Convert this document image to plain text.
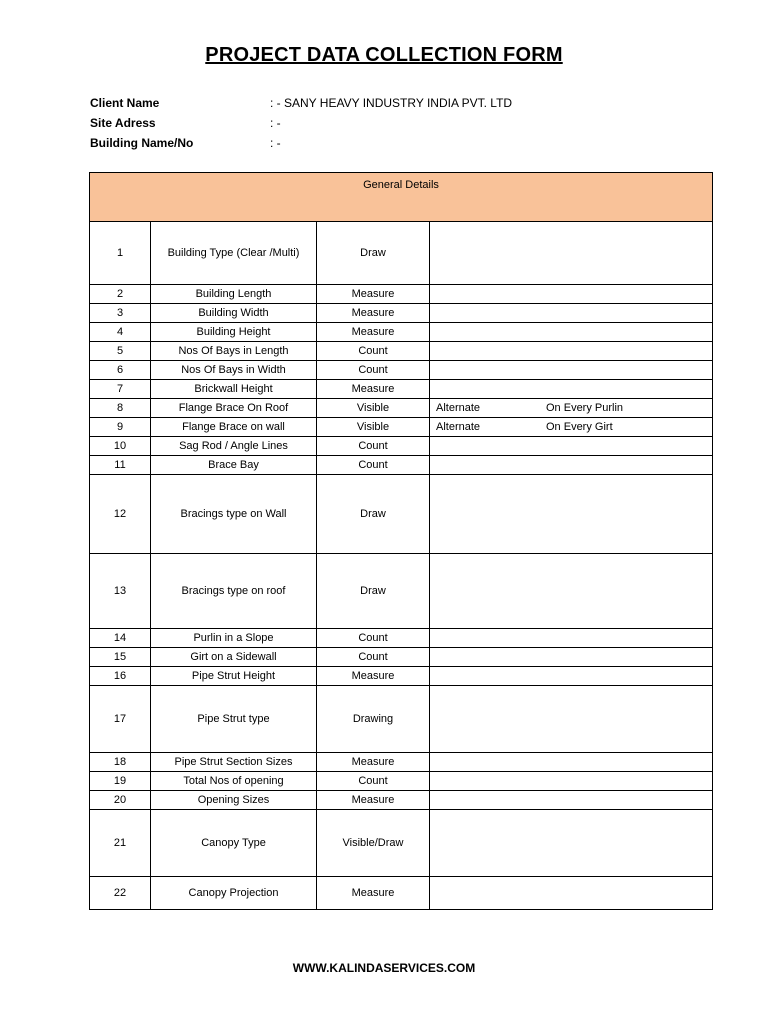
PROJECT DATA COLLECTION FORM
Client Name	: - SANY HEAVY INDUSTRY INDIA PVT. LTD
Site Adress	: -
Building Name/No	: -
General Details			
1	Building Type (Clear /Multi)	Draw	
2	Building Length	Measure	
3	Building Width	Measure	
4	Building Height	Measure	
5	Nos Of Bays in Length	Count	
6	Nos Of Bays in Width	Count	
7	Brickwall Height	Measure	
8	Flange Brace On Roof	Visible	Alternate On Every Purlin
9	Flange Brace on wall	Visible	Alternate On Every Girt
10	Sag Rod / Angle Lines	Count	
11	Brace Bay	Count	
12	Bracings type on Wall	Draw	
13	Bracings type on roof	Draw	
14	Purlin in a Slope	Count	
15	Girt on a Sidewall	Count	
16	Pipe Strut Height	Measure	
17	Pipe Strut type	Drawing	
18	Pipe Strut Section Sizes	Measure	
19	Total Nos of opening	Count	
20	Opening Sizes	Measure	
21	Canopy Type	Visible/Draw	
22	Canopy Projection	Measure	
WWW.KALINDASERVICES.COM
